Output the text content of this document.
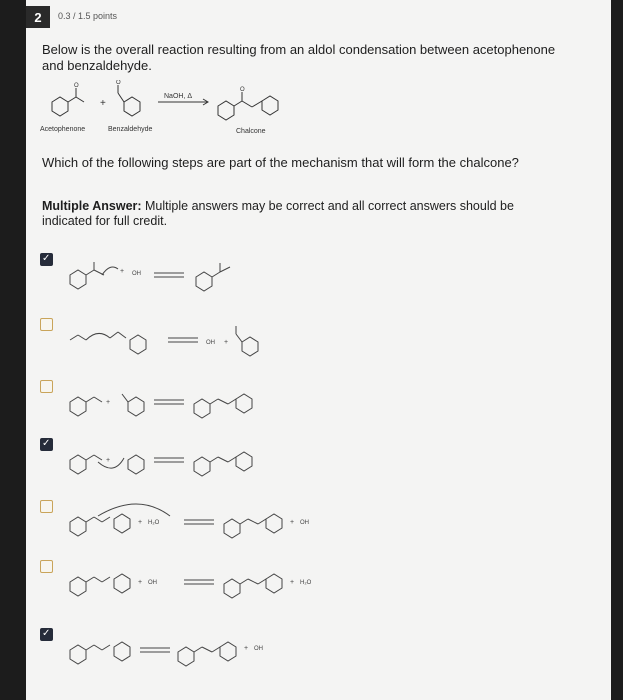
2	0.3 / 1.5 points
Below is the overall reaction resulting from an aldol condensation between acetophenone and benzaldehyde.
+
O	O
O
NaOH, Δ
Acetophenone	Benzaldehyde	Chalcone
Which of the following steps are part of the mechanism that will form the chalcone?
Multiple Answer: Multiple answers may be correct and all correct answers should be indicated for full credit.
✓
+ OH
OH +
+
✓
+
+ H₂O	+ OH
+ OH	+ H₂O
✓
+ OH
